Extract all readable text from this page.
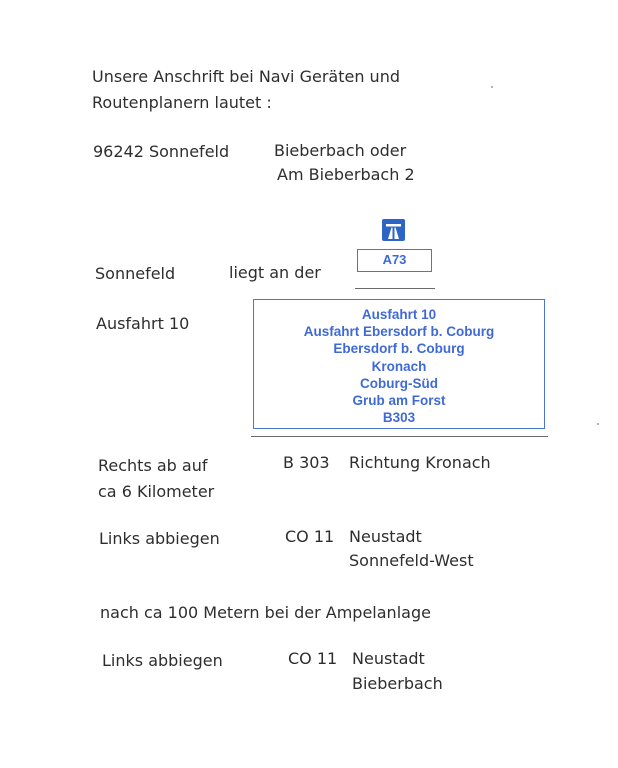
Unsere Anschrift bei Navi Geräten und
Routenplanern lautet :
96242 Sonnefeld	Bieberbach oder
Am Bieberbach 2
Sonnefeld	liegt an der
A73
Ausfahrt 10	Ausfahrt 10
Ausfahrt Ebersdorf b. Coburg
Ebersdorf b. Coburg
Kronach
Coburg-Süd
Grub am Forst
B303
Rechts ab auf
ca 6 Kilometer
B 303 Richtung Kronach
Links abbiegen	CO 11 Neustadt
Sonnefeld-West
nach ca 100 Metern bei der Ampelanlage
Links abbiegen	CO 11 Neustadt
Bieberbach
